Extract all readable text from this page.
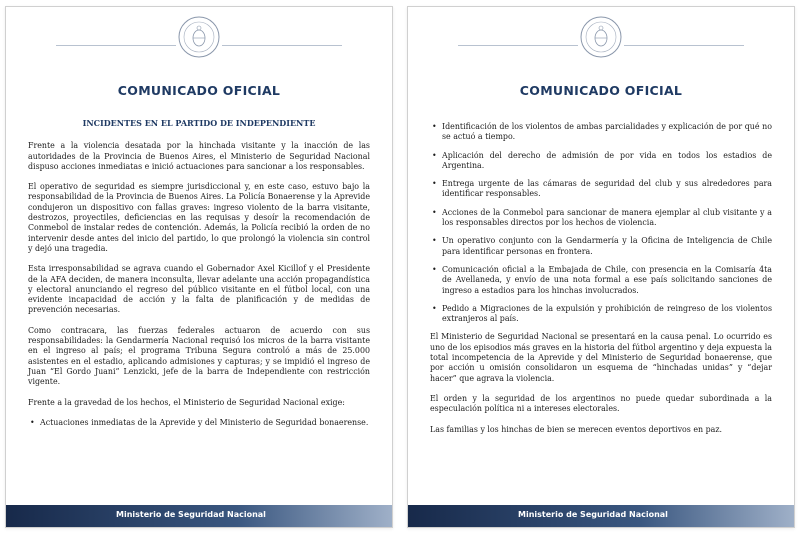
COMUNICADO OFICIAL
INCIDENTES EN EL PARTIDO DE INDEPENDIENTE

Frente a la violencia desatada por la hinchada visitante y la inacción de las autoridades de la Provincia de Buenos Aires, el Ministerio de Seguridad Nacional dispuso acciones inmediatas e inició actuaciones para sancionar a los responsables.

El operativo de seguridad es siempre jurisdiccional y, en este caso, estuvo bajo la responsabilidad de la Provincia de Buenos Aires. La Policía Bonaerense y la Aprevide condujeron un dispositivo con fallas graves: ingreso violento de la barra visitante, destrozos, proyectiles, deficiencias en las requisas y desoír la recomendación de Conmebol de instalar redes de contención. Además, la Policía recibió la orden de no intervenir desde antes del inicio del partido, lo que prolongó la violencia sin control y dejó una tragedia.

Esta irresponsabilidad se agrava cuando el Gobernador Axel Kicillof y el Presidente de la AFA deciden, de manera inconsulta, llevar adelante una acción propagandística y electoral anunciando el regreso del público visitante en el fútbol local, con una evidente incapacidad de acción y la falta de planificación y de medidas de prevención necesarias.

Como contracara, las fuerzas federales actuaron de acuerdo con sus responsabilidades: la Gendarmería Nacional requisó los micros de la barra visitante en el ingreso al país; el programa Tribuna Segura controló a más de 25.000 asistentes en el estadio, aplicando admisiones y capturas; y se impidió el ingreso de Juan “El Gordo Juani” Lenzicki, jefe de la barra de Independiente con restricción vigente.

Frente a la gravedad de los hechos, el Ministerio de Seguridad Nacional exige:

• Actuaciones inmediatas de la Aprevide y del Ministerio de Seguridad bonaerense.
Ministerio de Seguridad Nacional
COMUNICADO OFICIAL
• Identificación de los violentos de ambas parcialidades y explicación de por qué no se actuó a tiempo.
• Aplicación del derecho de admisión de por vida en todos los estadios de Argentina.
• Entrega urgente de las cámaras de seguridad del club y sus alrededores para identificar responsables.
• Acciones de la Conmebol para sancionar de manera ejemplar al club visitante y a los responsables directos por los hechos de violencia.
• Un operativo conjunto con la Gendarmería y la Oficina de Inteligencia de Chile para identificar personas en frontera.
• Comunicación oficial a la Embajada de Chile, con presencia en la Comisaría 4ta de Avellaneda, y envío de una nota formal a ese país solicitando sanciones de ingreso a estadios para los hinchas involucrados.
• Pedido a Migraciones de la expulsión y prohibición de reingreso de los violentos extranjeros al país.

El Ministerio de Seguridad Nacional se presentará en la causa penal. Lo ocurrido es uno de los episodios más graves en la historia del fútbol argentino y deja expuesta la total incompetencia de la Aprevide y del Ministerio de Seguridad bonaerense, que por acción u omisión consolidaron un esquema de “hinchadas unidas” y “dejar hacer” que agrava la violencia.

El orden y la seguridad de los argentinos no puede quedar subordinada a la especulación política ni a intereses electorales.

Las familias y los hinchas de bien se merecen eventos deportivos en paz.

Ministerio de Seguridad Nacional
